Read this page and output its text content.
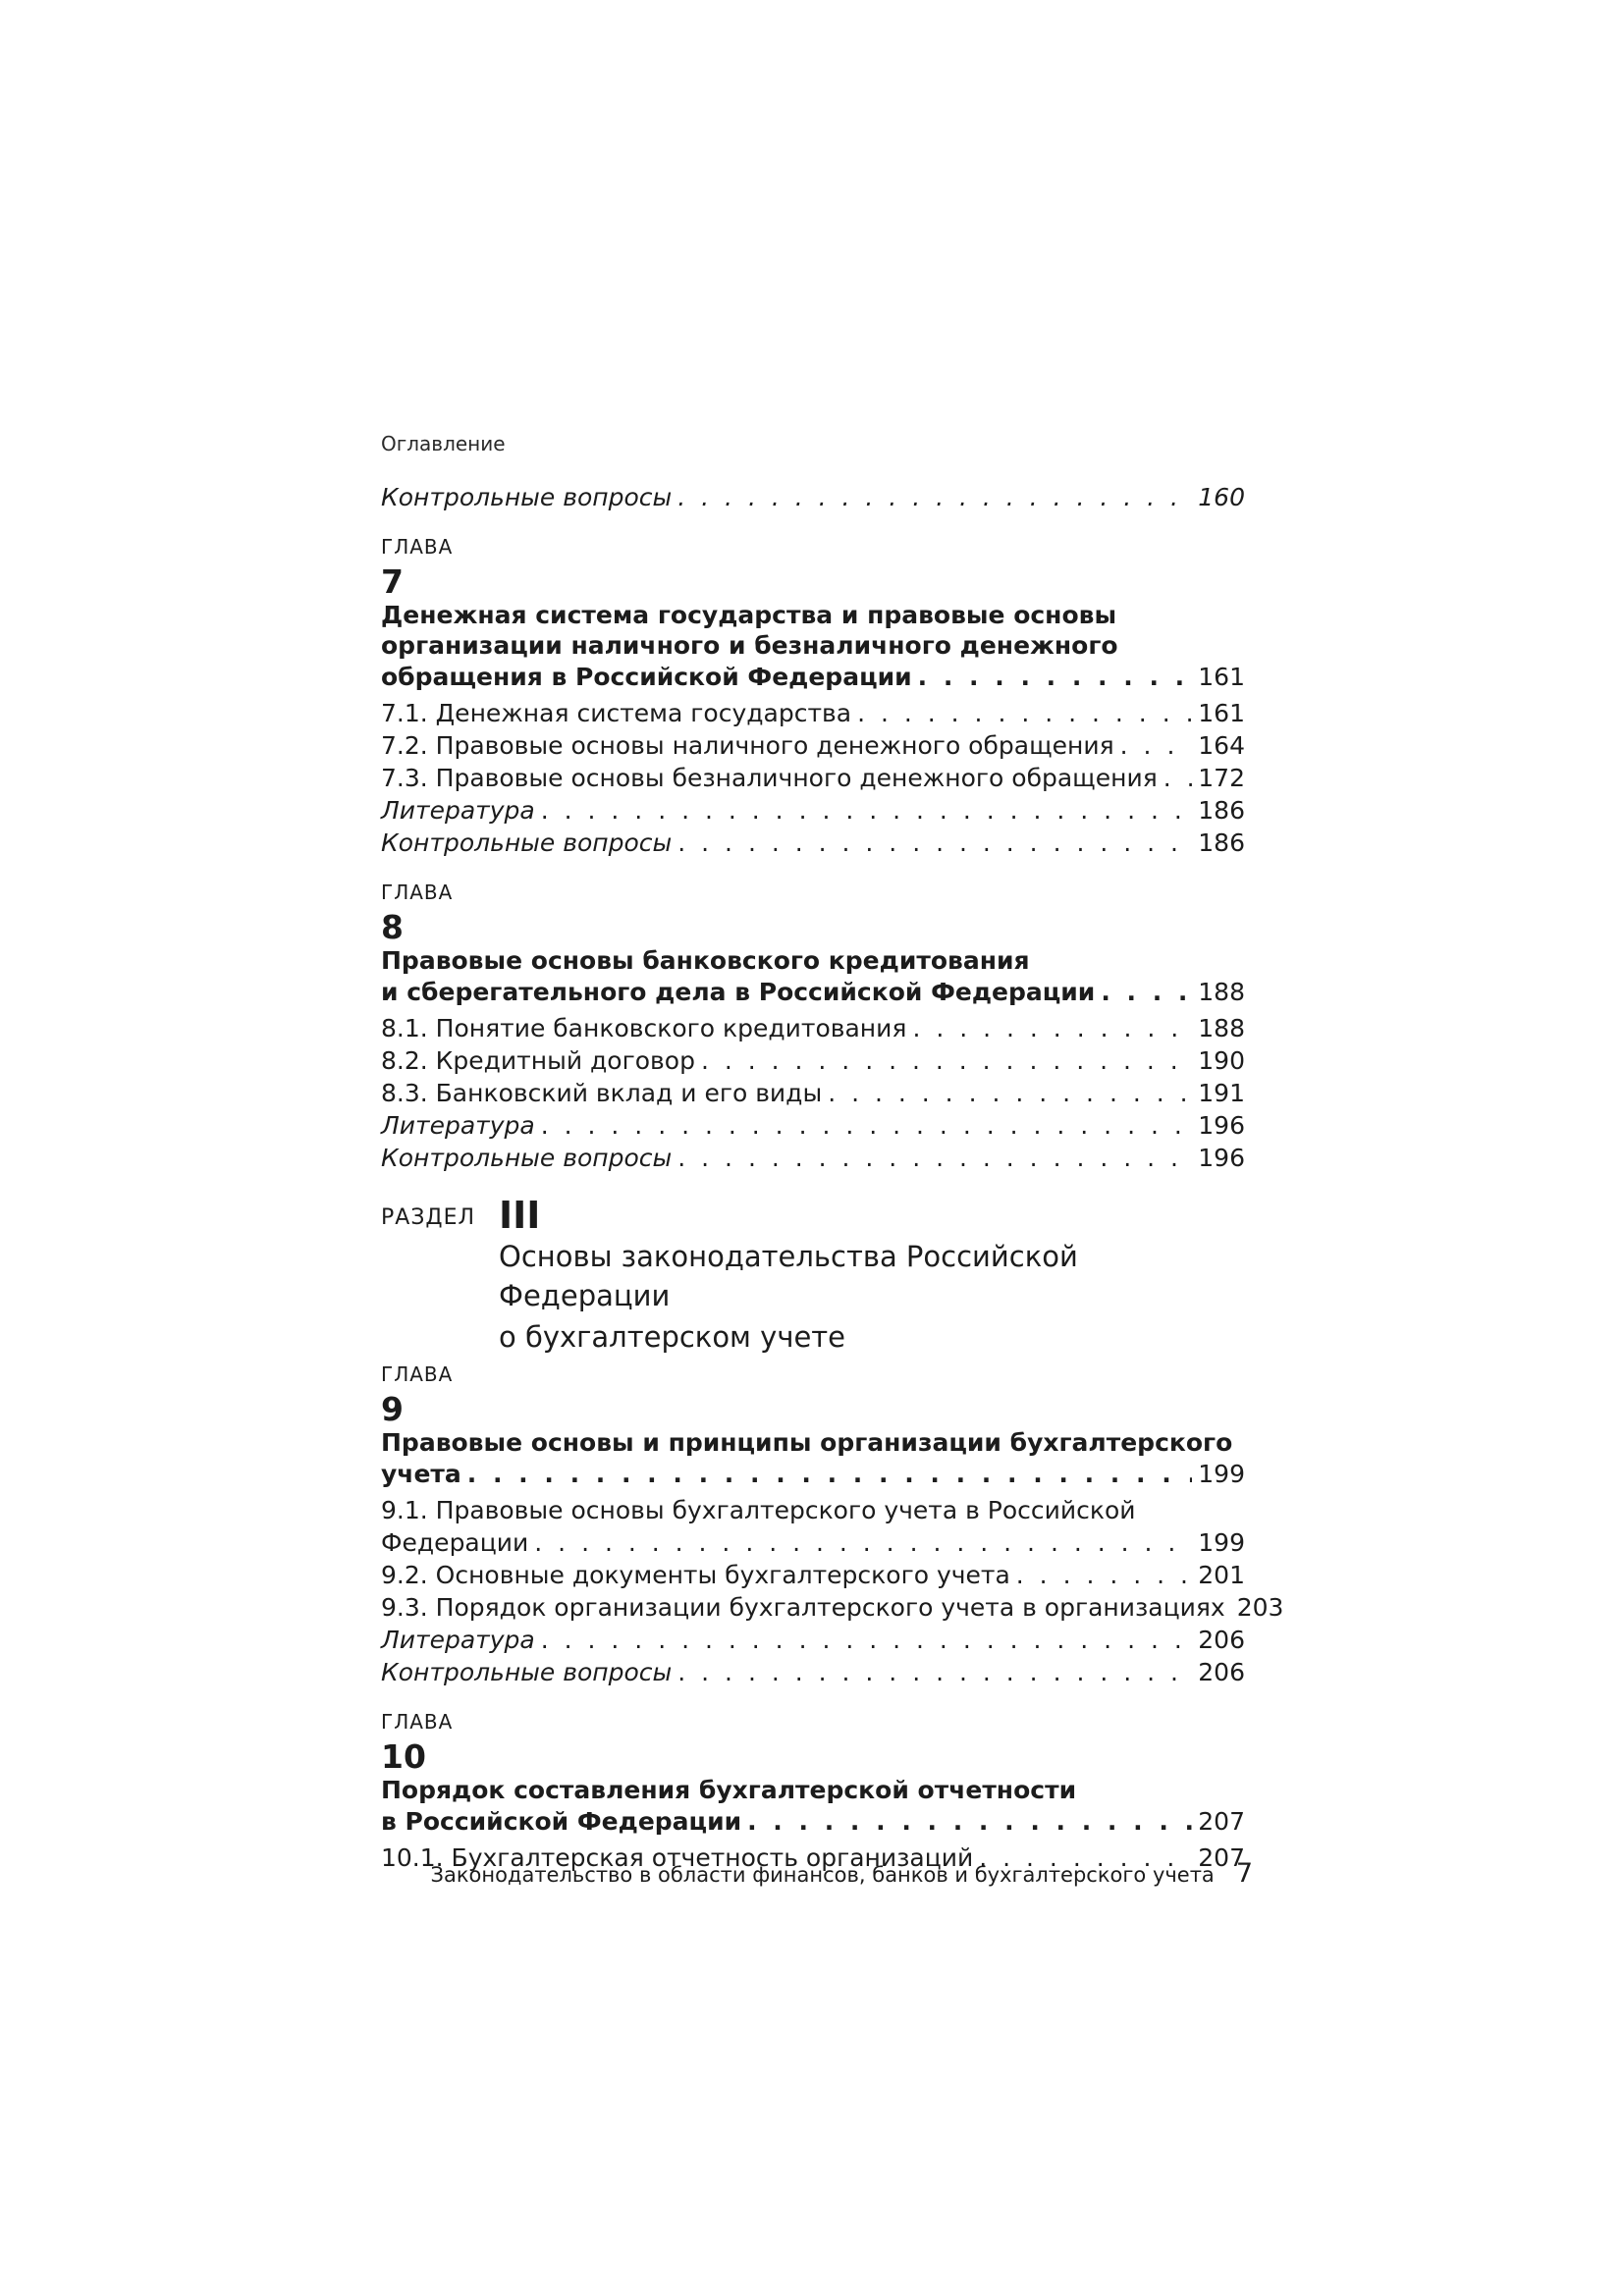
Оглавление
Контрольные вопросы . . .	160
ГЛАВА
7
Денежная система государства и правовые основы
организации наличного и безналичного денежного
обращения в Российской Федерации . . .	161
7.1. Денежная система государства . . .	161
7.2. Правовые основы наличного денежного обращения . . .	164
7.3. Правовые основы безналичного денежного обращения . . . 172
Литература . . .	186
Контрольные вопросы . . .	186
ГЛАВА
8
Правовые основы банковского кредитования
и сберегательного дела в Российской Федерации . . .	188
8.1. Понятие банковского кредитования . . .	188
8.2. Кредитный договор . . .	190
8.3. Банковский вклад и его виды . . .	191
Литература . . .	196
Контрольные вопросы . . .	196
РАЗДЕЛ III
Основы законодательства Российской Федерации
о бухгалтерском учете
ГЛАВА
9
Правовые основы и принципы организации бухгалтерского
учета . . .	199
9.1. Правовые основы бухгалтерского учета в Российской
Федерации . . .	199
9.2. Основные документы бухгалтерского учета . . .	201
9.3. Порядок организации бухгалтерского учета в организациях 203
Литература . . .	206
Контрольные вопросы . . .	206
ГЛАВА
10
Порядок составления бухгалтерской отчетности
в Российской Федерации . . .	207
10.1. Бухгалтерская отчетность организаций . . .	207
Законодательство в области финансов, банков и бухгалтерского учета 7
